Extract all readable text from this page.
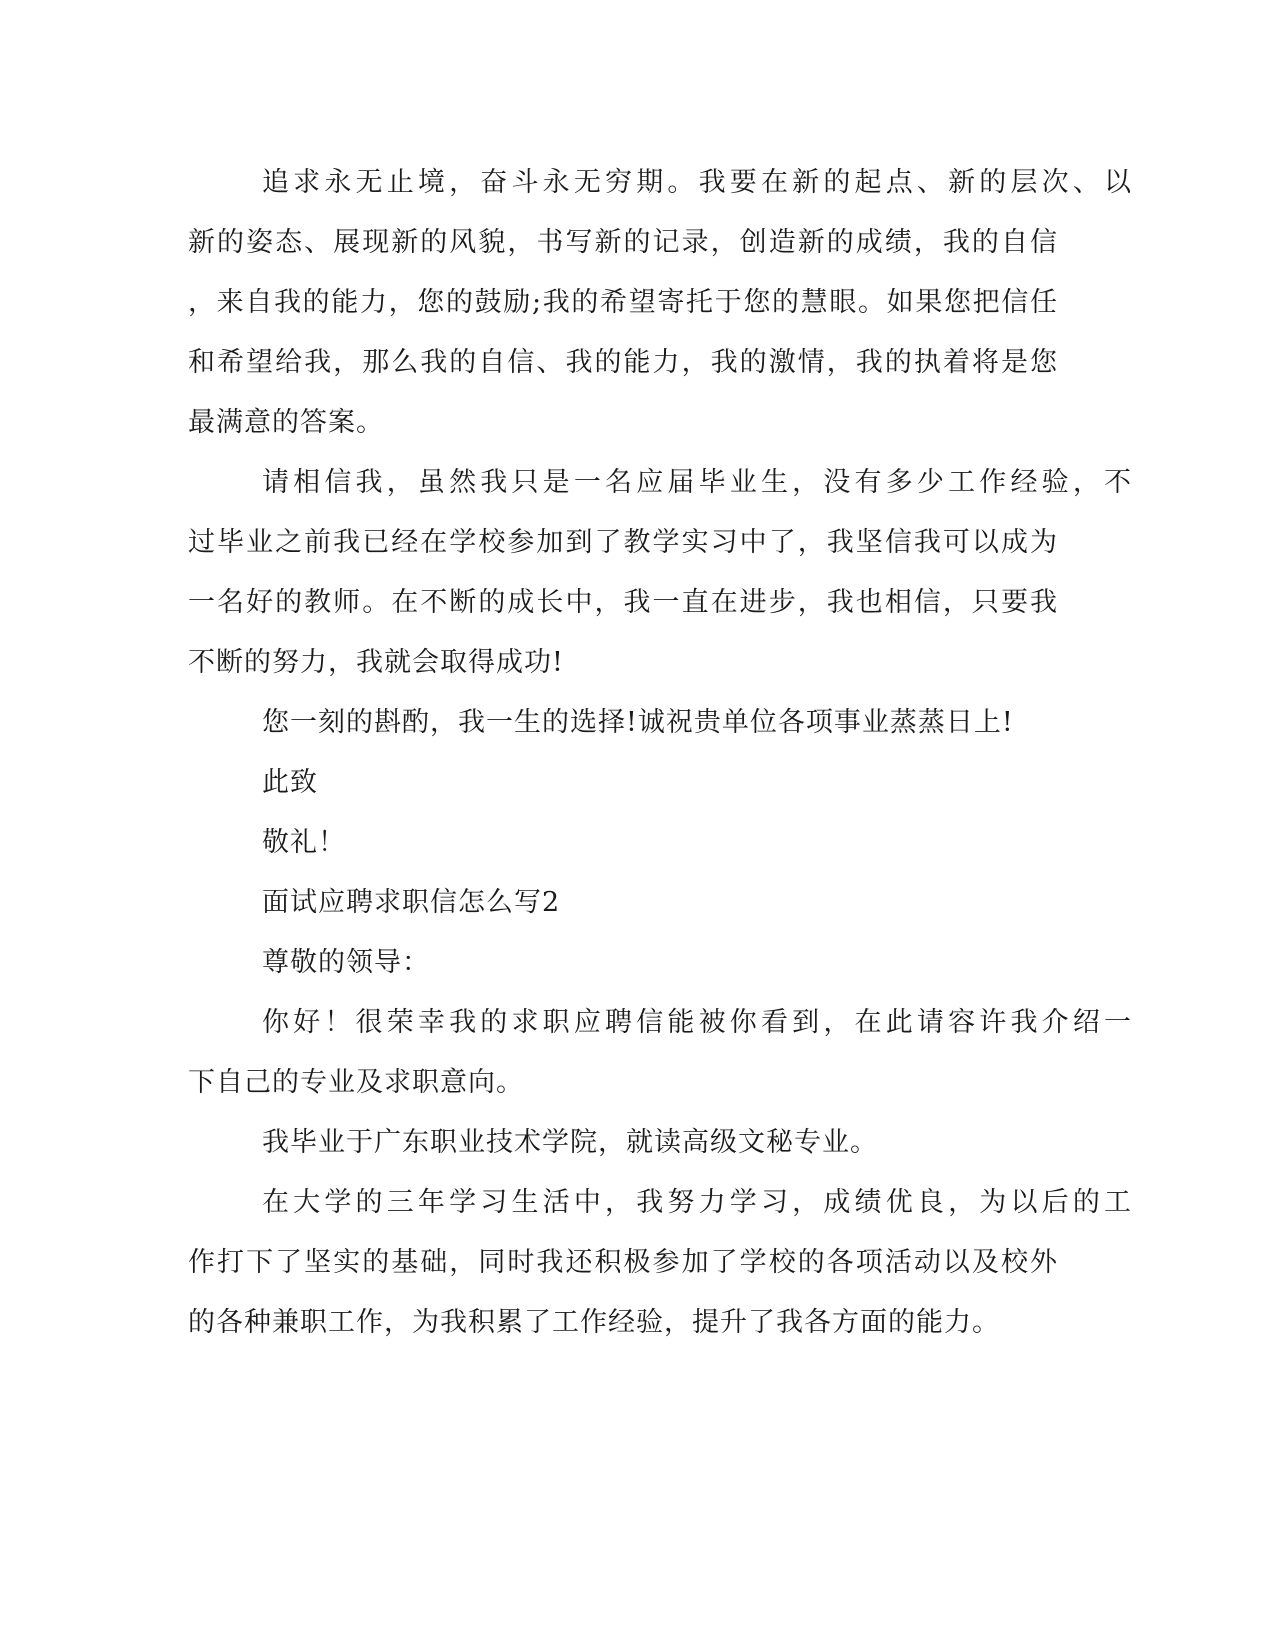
追求永无止境，奋斗永无穷期。我要在新的起点、新的层次、以
新的姿态、展现新的风貌，书写新的记录，创造新的成绩，我的自信
，来自我的能力，您的鼓励;我的希望寄托于您的慧眼。如果您把信任
和希望给我，那么我的自信、我的能力，我的激情，我的执着将是您
最满意的答案。
请相信我，虽然我只是一名应届毕业生，没有多少工作经验，不
过毕业之前我已经在学校参加到了教学实习中了，我坚信我可以成为
一名好的教师。在不断的成长中，我一直在进步，我也相信，只要我
不断的努力，我就会取得成功!
您一刻的斟酌，我一生的选择!诚祝贵单位各项事业蒸蒸日上!
此致
敬礼！
面试应聘求职信怎么写2
尊敬的领导：
你好！很荣幸我的求职应聘信能被你看到，在此请容许我介绍一
下自己的专业及求职意向。
我毕业于广东职业技术学院，就读高级文秘专业。
在大学的三年学习生活中，我努力学习，成绩优良，为以后的工
作打下了坚实的基础，同时我还积极参加了学校的各项活动以及校外
的各种兼职工作，为我积累了工作经验，提升了我各方面的能力。
